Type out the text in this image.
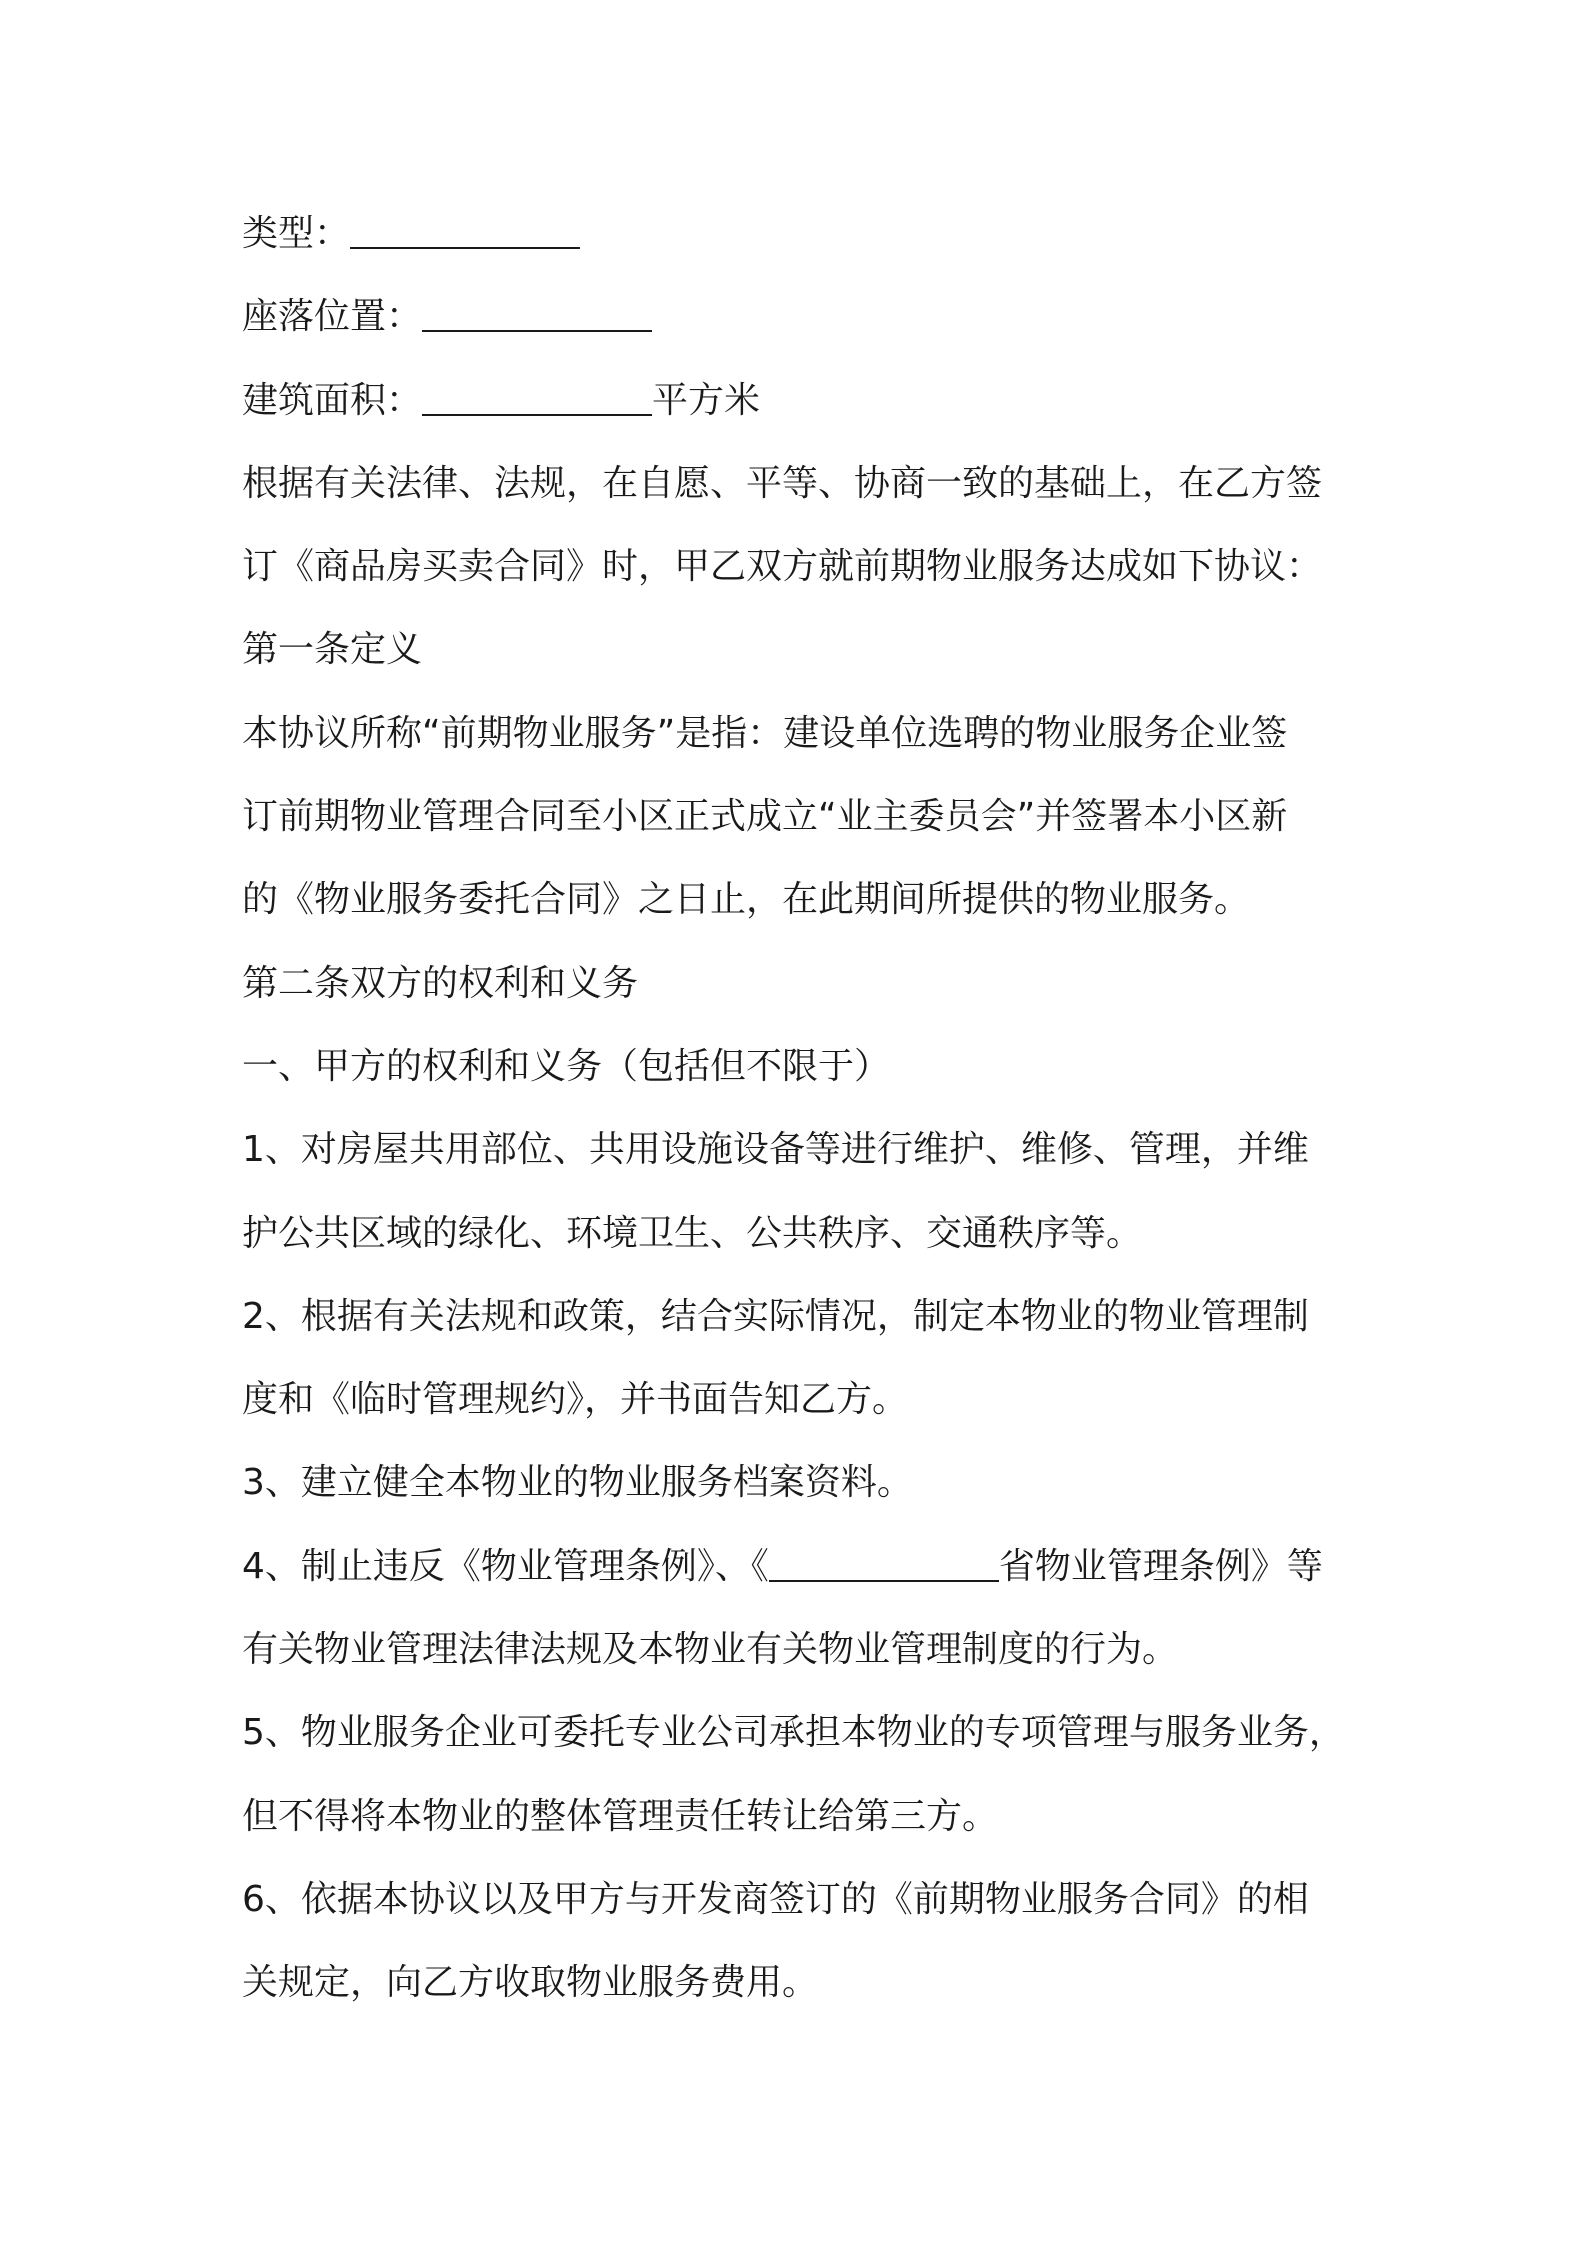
类型：
座落位置：
建筑面积：	平方米
根据有关法律、法规，在自愿、平等、协商一致的基础上，在乙方签
订《商品房买卖合同》时，甲乙双方就前期物业服务达成如下协议：
第一条定义
本协议所称“前期物业服务”是指：建设单位选聘的物业服务企业签
订前期物业管理合同至小区正式成立“业主委员会”并签署本小区新
的《物业服务委托合同》之日止，在此期间所提供的物业服务。
第二条双方的权利和义务
一、甲方的权利和义务（包括但不限于）
1、对房屋共用部位、共用设施设备等进行维护、维修、管理，并维
护公共区域的绿化、环境卫生、公共秩序、交通秩序等。
2、根据有关法规和政策，结合实际情况，制定本物业的物业管理制
度和《临时管理规约》，并书面告知乙方。
3、建立健全本物业的物业服务档案资料。
4、制止违反《物业管理条例》、《	省物业管理条例》等
有关物业管理法律法规及本物业有关物业管理制度的行为。
5、物业服务企业可委托专业公司承担本物业的专项管理与服务业务，
但不得将本物业的整体管理责任转让给第三方。
6、依据本协议以及甲方与开发商签订的《前期物业服务合同》的相
关规定，向乙方收取物业服务费用。
